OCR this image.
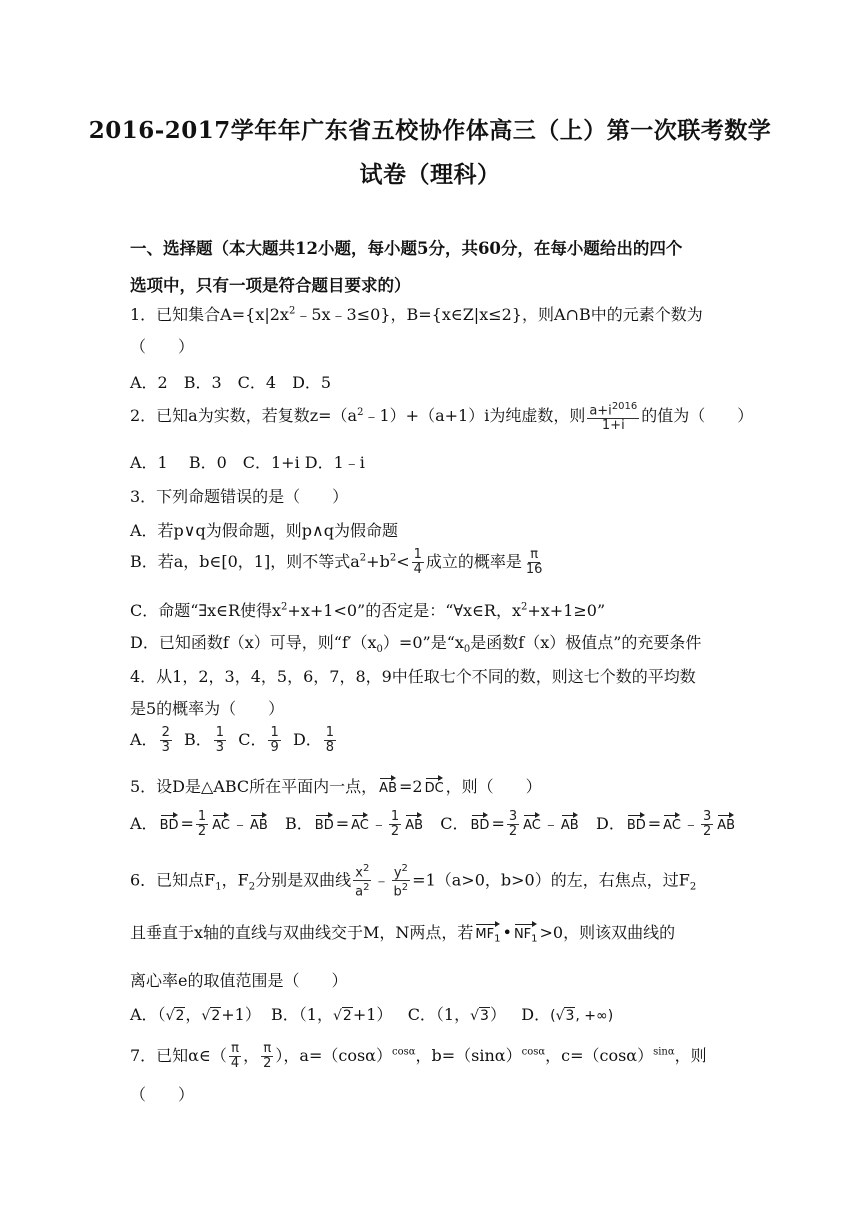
2016-2017学年年广东省五校协作体高三（上）第一次联考数学
试卷（理科）
一、选择题（本大题共12小题，每小题5分，共60分，在每小题给出的四个
选项中，只有一项是符合题目要求的）
1．已知集合$A=\{x|2x^2﹣5x﹣3\le 0\}$，B={x∈Z|x≤2}，则A∩B中的元素个数为
（　　）
A．2　B．3　C．4　D．5
2．已知a为实数，若复数$z=(a^2﹣1)+(a+1)i$为纯虚数，则 $\frac{a+i^{2016}}{1+i}$ 的值为（　　）
A．1　 B．0　C．1+i D．1﹣i
3．下列命题错误的是（　　）
A．若p∨q为假命题，则p∧q为假命题
B．若a，b∈[0，1]，则不等式$a^2+b^2< \frac{1}{4}$ 成立的概率是 $\frac{\pi}{16}$
C．命题“∃x∈R使得$x^2+x+1<0$”的否定是：“∀x∈R，$x^2+x+1\ge 0$”
D．已知函数f（x）可导，则“$f'(x_0)=0$”是“$x_0$是函数f（x）极值点”的充要条件
4．从1，2，3，4，5，6，7，8，9中任取七个不同的数，则这七个数的平均数
是5的概率为（　　）
A． $\frac{2}{3}$ B． $\frac{1}{3}$ C． $\frac{1}{9}$ D． $\frac{1}{8}$
5．设D是△ABC所在平面内一点， AB =2 DC ，则（　　）
A． BD = $\frac{1}{2}$ AC ﹣ AB B． BD = AC ﹣ $\frac{1}{2}$ AB C． BD = $\frac{3}{2}$ AC ﹣ AB D． BD = AC ﹣ $\frac{3}{2}$ AB
6．已知点$F_1$，$F_2$分别是双曲线 $\frac{x^2}{a^2}$ ﹣ $\frac{y^2}{b^2} =1(a>0$，b>0）的左，右焦点，过$F_2$
且垂直于x轴的直线与双曲线交于M，N两点，若 $MF_1$ • $NF_1 >0$，则该双曲线的
离心率e的取值范围是（　　）
A．（√2，√2+1） B．（1，√2+1） C．（1，√3） D．(√3, +∞)
7．已知α∈（ $\frac{\pi}{4}$ ， $\frac{\pi}{2}$ ），$a=(\cos\alpha)^{cos\alpha}$，$b=(\sin\alpha)^{cos\alpha}$，$c=(\cos\alpha)^{sin\alpha}$，则
（　　）
